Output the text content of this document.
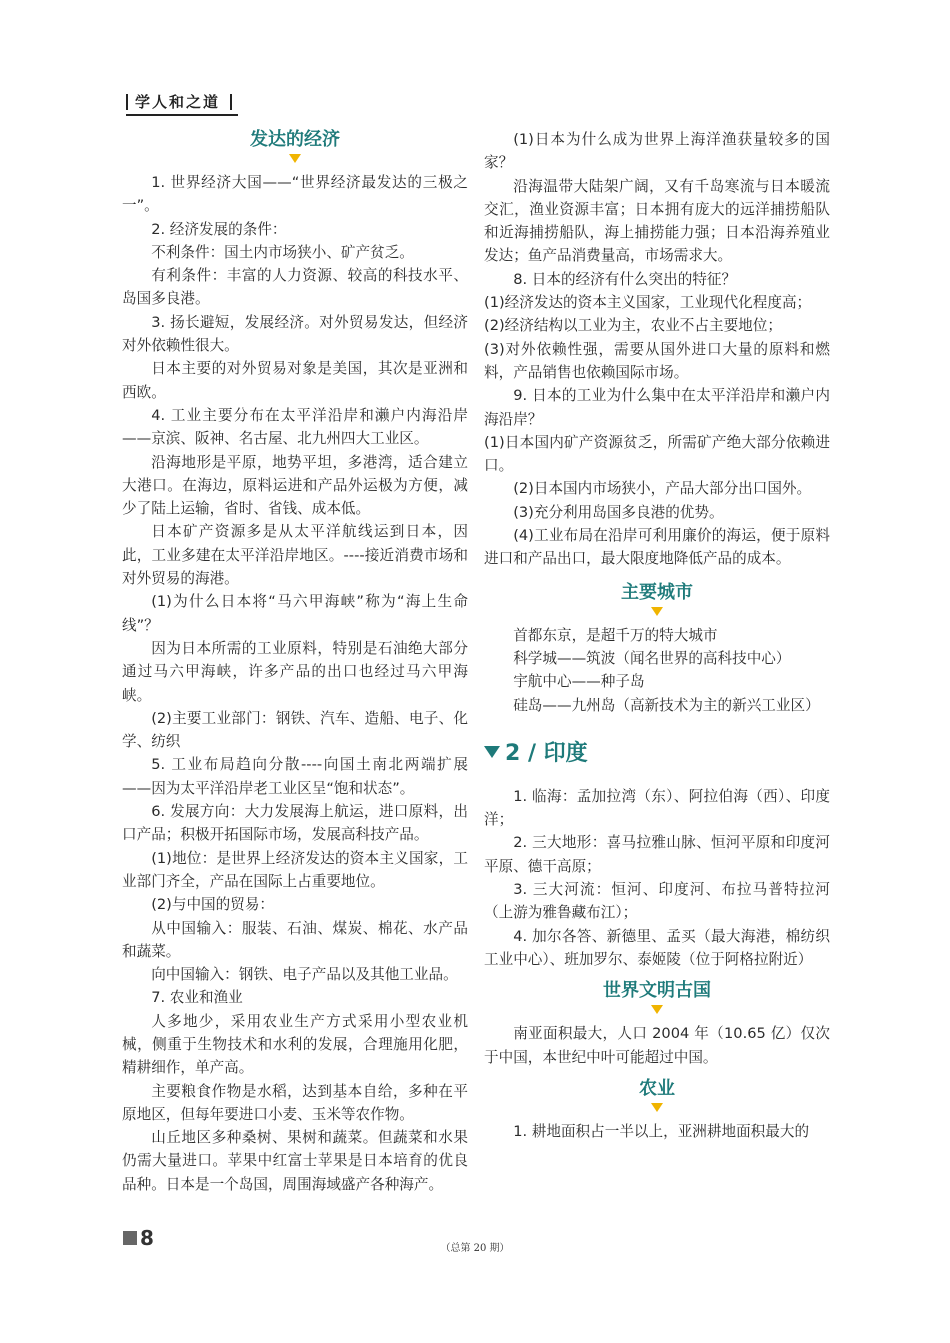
学人和之道
发达的经济

1. 世界经济大国——“世界经济最发达的三极之一”。

2. 经济发展的条件：

不利条件：国土内市场狭小、矿产贫乏。

有利条件：丰富的人力资源、较高的科技水平、岛国多良港。

3. 扬长避短，发展经济。对外贸易发达，但经济对外依赖性很大。

日本主要的对外贸易对象是美国，其次是亚洲和西欧。

4. 工业主要分布在太平洋沿岸和濑户内海沿岸——京滨、阪神、名古屋、北九州四大工业区。

沿海地形是平原，地势平坦，多港湾，适合建立大港口。在海边，原料运进和产品外运极为方便，减少了陆上运输，省时、省钱、成本低。

日本矿产资源多是从太平洋航线运到日本，因此，工业多建在太平洋沿岸地区。----接近消费市场和对外贸易的海港。

(1)为什么日本将“马六甲海峡”称为“海上生命线”？

因为日本所需的工业原料，特别是石油绝大部分通过马六甲海峡，许多产品的出口也经过马六甲海峡。

(2)主要工业部门：钢铁、汽车、造船、电子、化学、纺织

5. 工业布局趋向分散----向国土南北两端扩展——因为太平洋沿岸老工业区呈“饱和状态”。

6. 发展方向：大力发展海上航运，进口原料，出口产品；积极开拓国际市场，发展高科技产品。

(1)地位：是世界上经济发达的资本主义国家，工业部门齐全，产品在国际上占重要地位。

(2)与中国的贸易：

从中国输入：服装、石油、煤炭、棉花、水产品和蔬菜。

向中国输入：钢铁、电子产品以及其他工业品。

7. 农业和渔业

人多地少，采用农业生产方式采用小型农业机械，侧重于生物技术和水利的发展，合理施用化肥，精耕细作，单产高。

主要粮食作物是水稻，达到基本自给，多种在平原地区，但每年要进口小麦、玉米等农作物。

山丘地区多种桑树、果树和蔬菜。但蔬菜和水果仍需大量进口。苹果中红富士苹果是日本培育的优良品种。日本是一个岛国，周围海域盛产各种海产。

(1)日本为什么成为世界上海洋渔获量较多的国家？

沿海温带大陆架广阔，又有千岛寒流与日本暖流交汇，渔业资源丰富；日本拥有庞大的远洋捕捞船队和近海捕捞船队，海上捕捞能力强；日本沿海养殖业发达；鱼产品消费量高，市场需求大。

8. 日本的经济有什么突出的特征？

(1)经济发达的资本主义国家，工业现代化程度高；

(2)经济结构以工业为主，农业不占主要地位；

(3)对外依赖性强，需要从国外进口大量的原料和燃料，产品销售也依赖国际市场。

9. 日本的工业为什么集中在太平洋沿岸和濑户内海沿岸？

(1)日本国内矿产资源贫乏，所需矿产绝大部分依赖进口。

(2)日本国内市场狭小，产品大部分出口国外。

(3)充分利用岛国多良港的优势。

(4)工业布局在沿岸可利用廉价的海运，便于原料进口和产品出口，最大限度地降低产品的成本。

主要城市

首都东京，是超千万的特大城市

科学城——筑波（闻名世界的高科技中心）

宇航中心——种子岛

硅岛——九州岛（高新技术为主的新兴工业区）

2 / 印度

1. 临海：孟加拉湾（东）、阿拉伯海（西）、印度洋；

2. 三大地形：喜马拉雅山脉、恒河平原和印度河平原、德干高原；

3. 三大河流：恒河、印度河、布拉马普特拉河（上游为雅鲁藏布江）；

4. 加尔各答、新德里、孟买（最大海港，棉纺织工业中心）、班加罗尔、泰姬陵（位于阿格拉附近）

世界文明古国

南亚面积最大，人口 2004 年（10.65 亿）仅次于中国，本世纪中叶可能超过中国。

农业

1. 耕地面积占一半以上，亚洲耕地面积最大的

8	（总第 20 期）
